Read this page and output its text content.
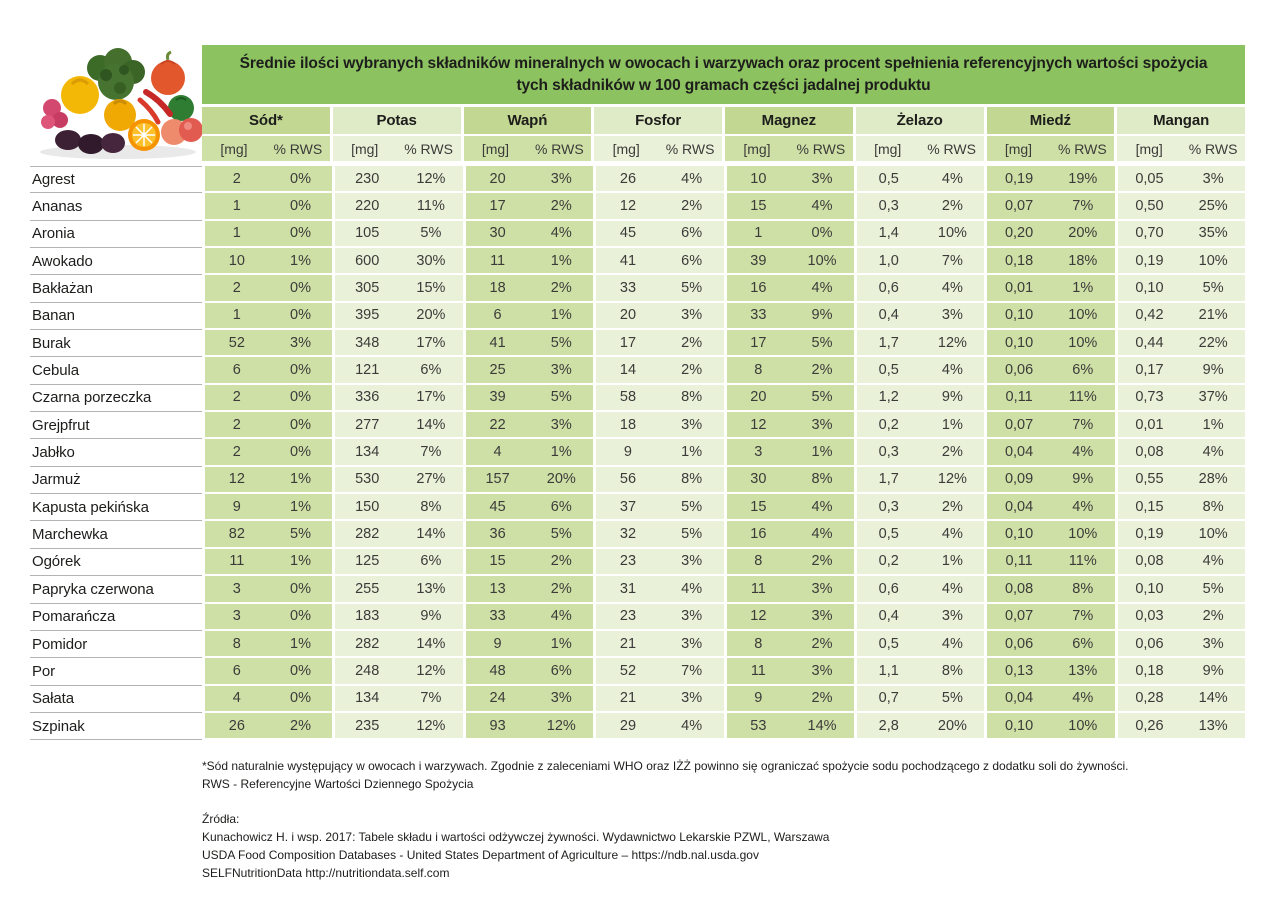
Średnie ilości wybranych składników mineralnych w owocach i warzywach oraz procent spełnienia referencyjnych wartości spożycia tych składników w 100 gramach części jadalnej produktu
Sód*	Potas	Wapń	Fosfor	Magnez	Żelazo	Miedź	Mangan
[mg]	% RWS	[mg]	% RWS	[mg]	% RWS	[mg]	% RWS	[mg]	% RWS	[mg]	% RWS	[mg]	% RWS	[mg]	% RWS
Agrest	2	0%	230	12%	20	3%	26	4%	10	3%	0,5	4%	0,19	19%	0,05	3%
Ananas	1	0%	220	11%	17	2%	12	2%	15	4%	0,3	2%	0,07	7%	0,50	25%
Aronia	1	0%	105	5%	30	4%	45	6%	1	0%	1,4	10%	0,20	20%	0,70	35%
Awokado	10	1%	600	30%	11	1%	41	6%	39	10%	1,0	7%	0,18	18%	0,19	10%
Bakłażan	2	0%	305	15%	18	2%	33	5%	16	4%	0,6	4%	0,01	1%	0,10	5%
Banan	1	0%	395	20%	6	1%	20	3%	33	9%	0,4	3%	0,10	10%	0,42	21%
Burak	52	3%	348	17%	41	5%	17	2%	17	5%	1,7	12%	0,10	10%	0,44	22%
Cebula	6	0%	121	6%	25	3%	14	2%	8	2%	0,5	4%	0,06	6%	0,17	9%
Czarna porzeczka	2	0%	336	17%	39	5%	58	8%	20	5%	1,2	9%	0,11	11%	0,73	37%
Grejpfrut	2	0%	277	14%	22	3%	18	3%	12	3%	0,2	1%	0,07	7%	0,01	1%
Jabłko	2	0%	134	7%	4	1%	9	1%	3	1%	0,3	2%	0,04	4%	0,08	4%
Jarmuż	12	1%	530	27%	157	20%	56	8%	30	8%	1,7	12%	0,09	9%	0,55	28%
Kapusta pekińska	9	1%	150	8%	45	6%	37	5%	15	4%	0,3	2%	0,04	4%	0,15	8%
Marchewka	82	5%	282	14%	36	5%	32	5%	16	4%	0,5	4%	0,10	10%	0,19	10%
Ogórek	11	1%	125	6%	15	2%	23	3%	8	2%	0,2	1%	0,11	11%	0,08	4%
Papryka czerwona	3	0%	255	13%	13	2%	31	4%	11	3%	0,6	4%	0,08	8%	0,10	5%
Pomarańcza	3	0%	183	9%	33	4%	23	3%	12	3%	0,4	3%	0,07	7%	0,03	2%
Pomidor	8	1%	282	14%	9	1%	21	3%	8	2%	0,5	4%	0,06	6%	0,06	3%
Por	6	0%	248	12%	48	6%	52	7%	11	3%	1,1	8%	0,13	13%	0,18	9%
Sałata	4	0%	134	7%	24	3%	21	3%	9	2%	0,7	5%	0,04	4%	0,28	14%
Szpinak	26	2%	235	12%	93	12%	29	4%	53	14%	2,8	20%	0,10	10%	0,26	13%
*Sód naturalnie występujący w owocach i warzywach. Zgodnie z zaleceniami WHO oraz IŻŻ powinno się ograniczać spożycie sodu pochodzącego z dodatku soli do żywności.
RWS - Referencyjne Wartości Dziennego Spożycia
Źródła:
Kunachowicz H. i wsp. 2017: Tabele składu i wartości odżywczej żywności. Wydawnictwo Lekarskie PZWL, Warszawa
USDA Food Composition Databases - United States Department of Agriculture – https://ndb.nal.usda.gov
SELFNutritionData http://nutritiondata.self.com
